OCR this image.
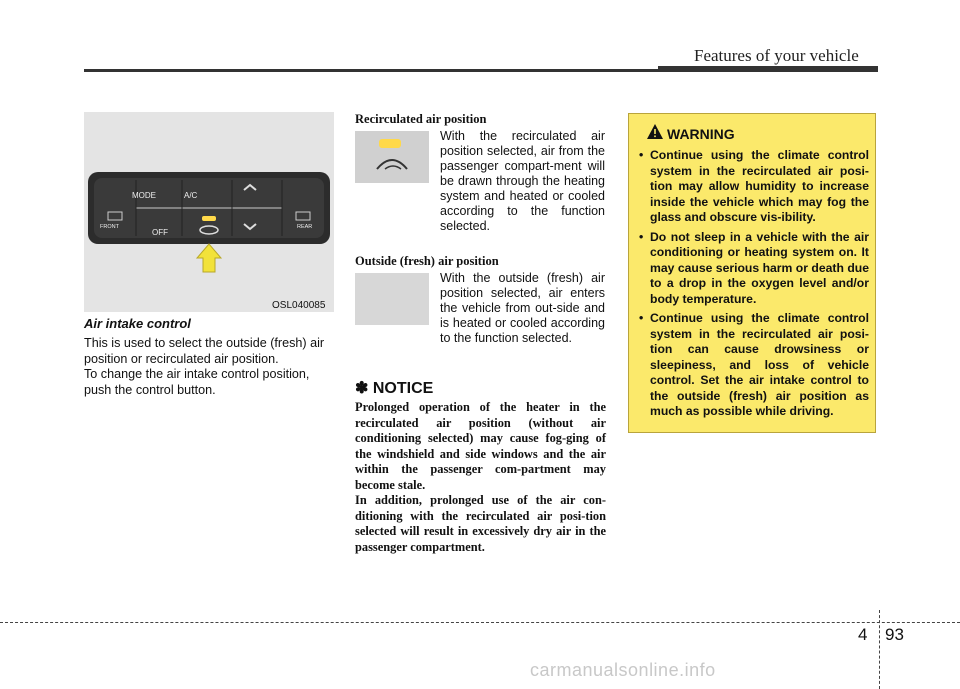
Features of your vehicle
MODE	A/C
OFF
FRONT	REAR
OSL040085
Air intake control
This is used to select the outside (fresh) air position or recirculated air position.
To change the air intake control position, push the control button.
Recirculated air position
With the recirculated air position selected, air from the passenger compart-ment will be drawn through the heating system and heated or cooled according to the function selected.
Outside (fresh) air position
With the outside (fresh) air position selected, air enters the vehicle from out-side and is heated or cooled according to the function selected.
✽ NOTICE
Prolonged operation of the heater in the recirculated air position (without air conditioning selected) may cause fog-ging of the windshield and side windows and the air within the passenger com-partment may become stale.
In addition, prolonged use of the air con-ditioning with the recirculated air posi-tion selected will result in excessively dry air in the passenger compartment.
WARNING
• Continue using the climate control system in the recirculated air posi-tion may allow humidity to increase inside the vehicle which may fog the glass and obscure vis-ibility.
• Do not sleep in a vehicle with the air conditioning or heating system on. It may cause serious harm or death due to a drop in the oxygen level and/or body temperature.
• Continue using the climate control system in the recirculated air posi-tion can cause drowsiness or sleepiness, and loss of vehicle control. Set the air intake control to the outside (fresh) air position as much as possible while driving.
4 93
carmanualsonline.info
